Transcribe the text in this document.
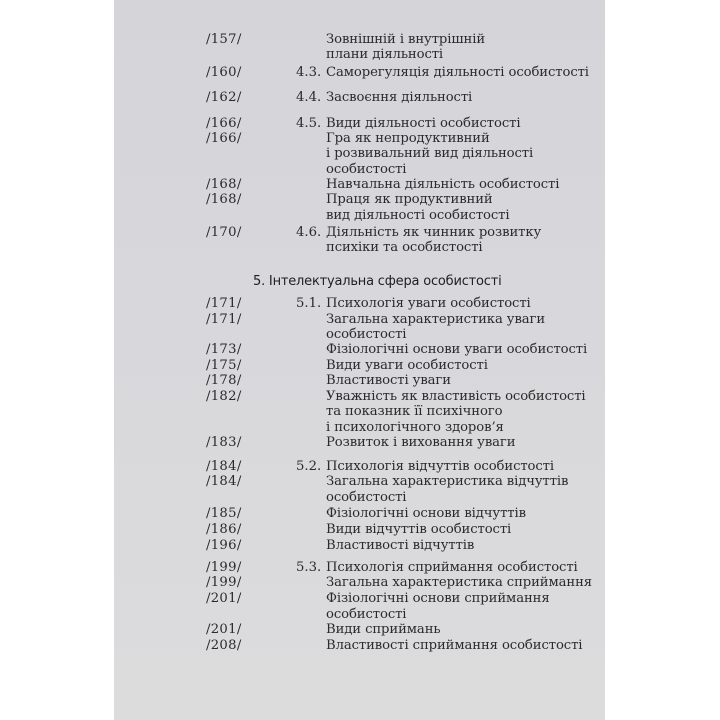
5. Інтелектуальна сфера особистості
/157/	Зовнішній і внутрішній
плани діяльності
/160/	4.3. Саморегуляція діяльності особистості
/162/	4.4. Засвоєння діяльності
/166/	4.5. Види діяльності особистості
/166/	Гра як непродуктивний
і розвивальний вид діяльності
особистості
/168/	Навчальна діяльність особистості
/168/	Праця як продуктивний
вид діяльності особистості
/170/	4.6. Діяльність як чинник розвитку
психіки та особистості
/171/	5.1. Психологія уваги особистості
/171/	Загальна характеристика уваги
особистості
/173/	Фізіологічні основи уваги особистості
/175/	Види уваги особистості
/178/	Властивості уваги
/182/	Уважність як властивість особистості
та показник її психічного
і психологічного здоров’я
/183/	Розвиток і виховання уваги
/184/	5.2. Психологія відчуттів особистості
/184/	Загальна характеристика відчуттів
особистості
/185/	Фізіологічні основи відчуттів
/186/	Види відчуттів особистості
/196/	Властивості відчуттів
/199/	5.3. Психологія сприймання особистості
/199/	Загальна характеристика сприймання
/201/	Фізіологічні основи сприймання
особистості
/201/	Види сприймань
/208/	Властивості сприймання особистості
